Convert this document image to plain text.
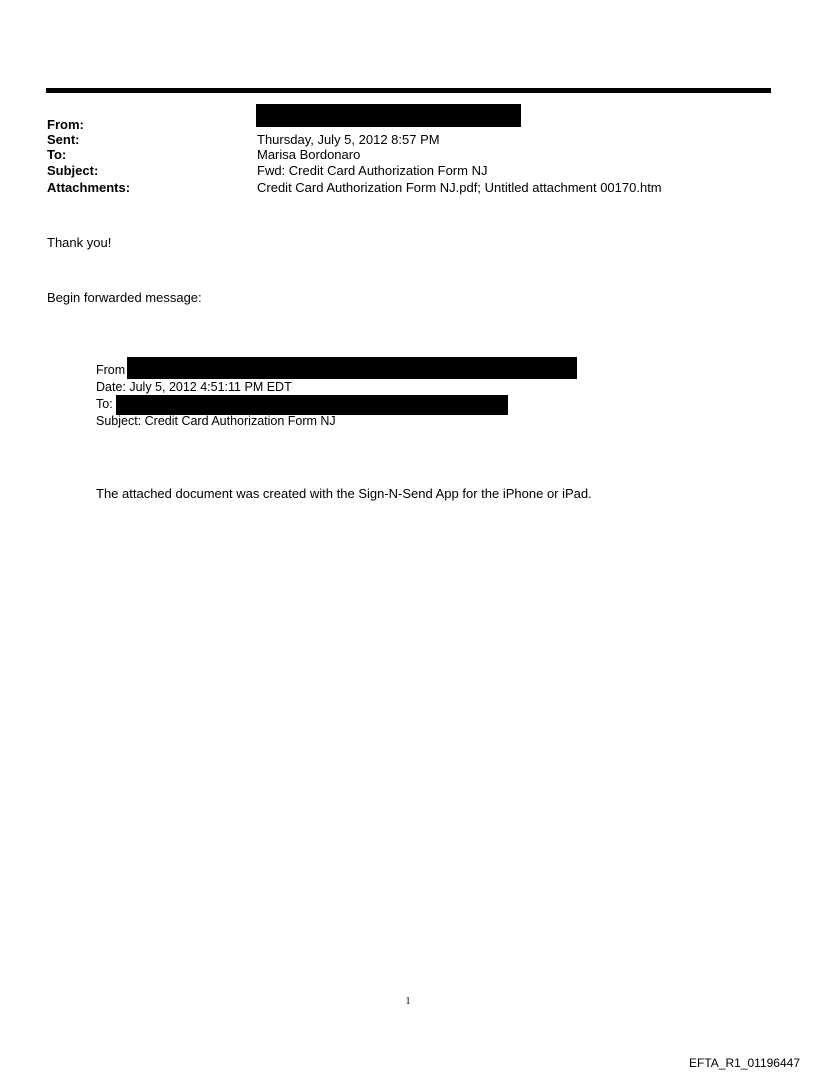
From:
Sent:	Thursday, July 5, 2012 8:57 PM
To:	Marisa Bordonaro
Subject:	Fwd: Credit Card Authorization Form NJ
Attachments:	Credit Card Authorization Form NJ.pdf; Untitled attachment 00170.htm
Thank you!
Begin forwarded message:
From
Date: July 5, 2012 4:51:11 PM EDT
To:
Subject: Credit Card Authorization Form NJ
The attached document was created with the Sign-N-Send App for the iPhone or iPad.
1
EFTA_R1_01196447
